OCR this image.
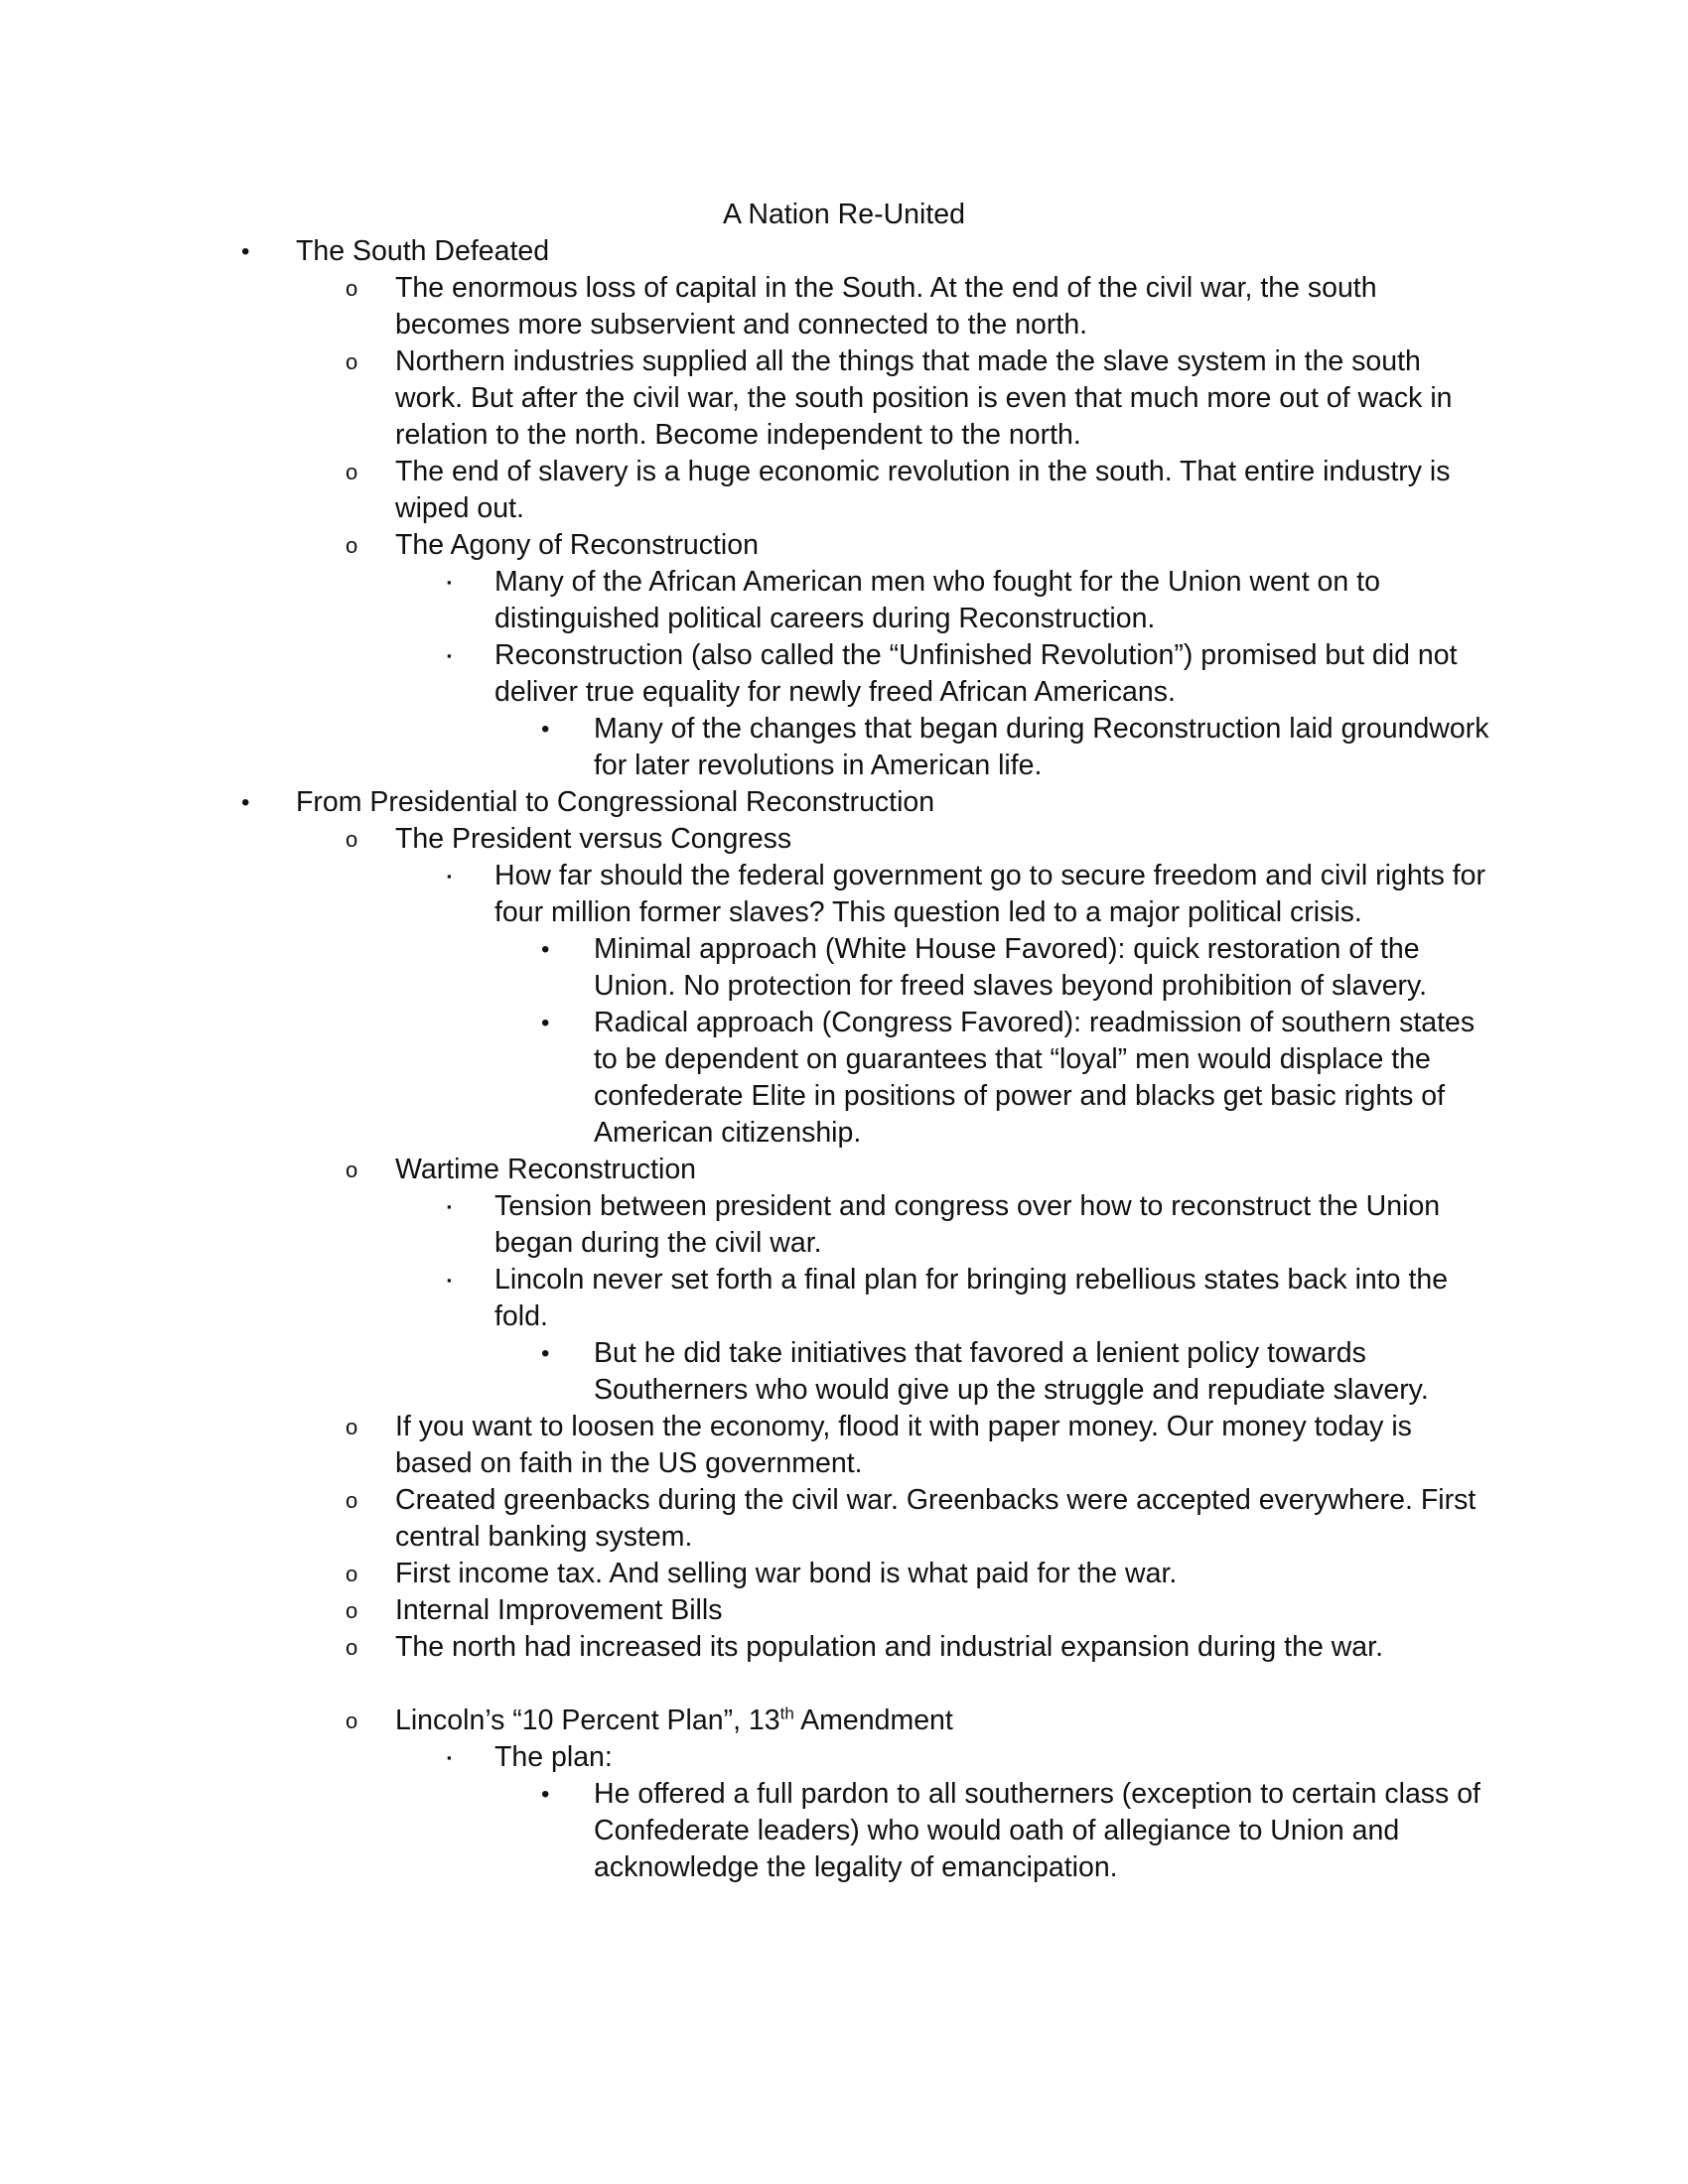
A Nation Re-United
• The South Defeated
o The enormous loss of capital in the South. At the end of the civil war, the south becomes more subservient and connected to the north.
o Northern industries supplied all the things that made the slave system in the south work. But after the civil war, the south position is even that much more out of wack in relation to the north. Become independent to the north.
o The end of slavery is a huge economic revolution in the south. That entire industry is wiped out.
o The Agony of Reconstruction
▪ Many of the African American men who fought for the Union went on to distinguished political careers during Reconstruction.
▪ Reconstruction (also called the “Unfinished Revolution”) promised but did not deliver true equality for newly freed African Americans.
• Many of the changes that began during Reconstruction laid groundwork for later revolutions in American life.
• From Presidential to Congressional Reconstruction
o The President versus Congress
▪ How far should the federal government go to secure freedom and civil rights for four million former slaves? This question led to a major political crisis.
• Minimal approach (White House Favored): quick restoration of the Union. No protection for freed slaves beyond prohibition of slavery.
• Radical approach (Congress Favored): readmission of southern states to be dependent on guarantees that “loyal” men would displace the confederate Elite in positions of power and blacks get basic rights of American citizenship.
o Wartime Reconstruction
▪ Tension between president and congress over how to reconstruct the Union began during the civil war.
▪ Lincoln never set forth a final plan for bringing rebellious states back into the fold.
• But he did take initiatives that favored a lenient policy towards Southerners who would give up the struggle and repudiate slavery.
o If you want to loosen the economy, flood it with paper money. Our money today is based on faith in the US government.
o Created greenbacks during the civil war. Greenbacks were accepted everywhere. First central banking system.
o First income tax. And selling war bond is what paid for the war.
o Internal Improvement Bills
o The north had increased its population and industrial expansion during the war.
o Lincoln’s “10 Percent Plan”, 13th Amendment
▪ The plan:
• He offered a full pardon to all southerners (exception to certain class of Confederate leaders) who would oath of allegiance to Union and acknowledge the legality of emancipation.
